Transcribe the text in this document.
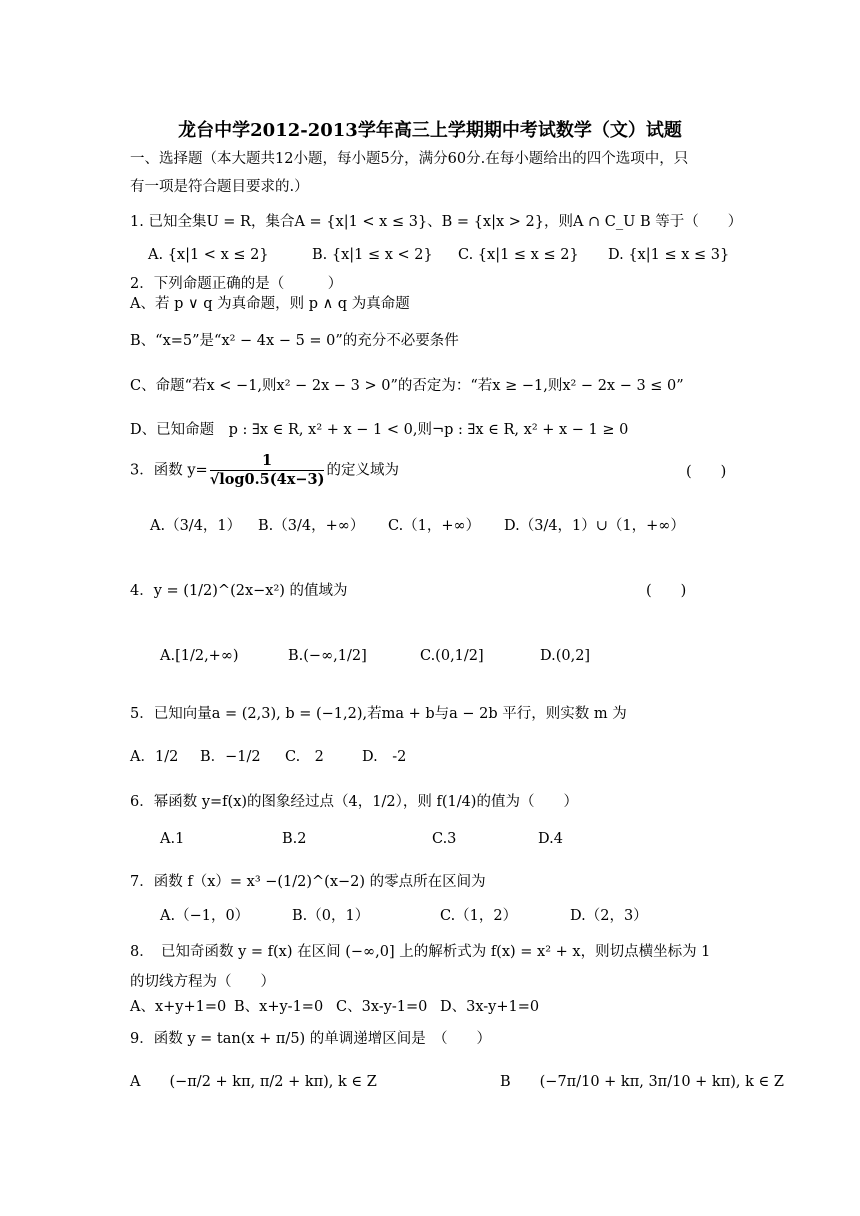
龙台中学2012-2013学年高三上学期期中考试数学（文）试题
一、选择题（本大题共12小题，每小题5分，满分60分.在每小题给出的四个选项中，只
有一项是符合题目要求的.）
1. 已知全集U = R，集合A = {x|1 < x ≤ 3}、B = {x|x > 2}，则A ∩ C_U B 等于（　　）
A. {x|1 < x ≤ 2}	B. {x|1 ≤ x < 2} C. {x|1 ≤ x ≤ 2} D. {x|1 ≤ x ≤ 3}
2．下列命题正确的是（　　　）
A、若 p ∨ q 为真命题，则 p ∧ q 为真命题
B、“x=5”是“x² − 4x − 5 = 0”的充分不必要条件
C、命题“若x < −1,则x² − 2x − 3 > 0”的否定为：“若x ≥ −1,则x² − 2x − 3 ≤ 0”
D、已知命题　p : ∃x ∈ R, x² + x − 1 < 0,则¬p : ∃x ∈ R, x² + x − 1 ≥ 0
3．函数 $y= \frac{1}{√\log 0.5(4x-3)}$ 的定义域为	(　　)
A.（3/4，1） B.（3/4，+∞） C.（1，+∞） D.（3/4，1）∪（1，+∞）
4．y = (1/2)^(2x−x²) 的值域为	(　　)
A.[1/2,+∞)	B.(−∞,1/2]	C.(0,1/2]	D.(0,2]
5．已知向量a = (2,3), b = (−1,2),若ma + b与a − 2b 平行，则实数 m 为
A．1/2 B．−1/2 C.　2	D.　-2
6．幂函数 y=f(x)的图象经过点（4，1/2），则 f(1/4)的值为（　　）
A.1	B.2	C.3	D.4
7．函数 f（x）= x³ −(1/2)^(x−2) 的零点所在区间为
A.（−1，0）	B.（0，1）	C.（1，2）	D.（2，3）
8．　已知奇函数 y = f(x) 在区间 (−∞,0] 上的解析式为 f(x) = x² + x，则切点横坐标为 1
的切线方程为（　　）
A、x+y+1=0 B、x+y-1=0 C、3x-y-1=0 D、3x-y+1=0
9．函数 y = tan(x + π/5) 的单调递增区间是　（　　）
A　　(−π/2 + kπ, π/2 + kπ), k ∈ Z	B　　(−7π/10 + kπ, 3π/10 + kπ), k ∈ Z
